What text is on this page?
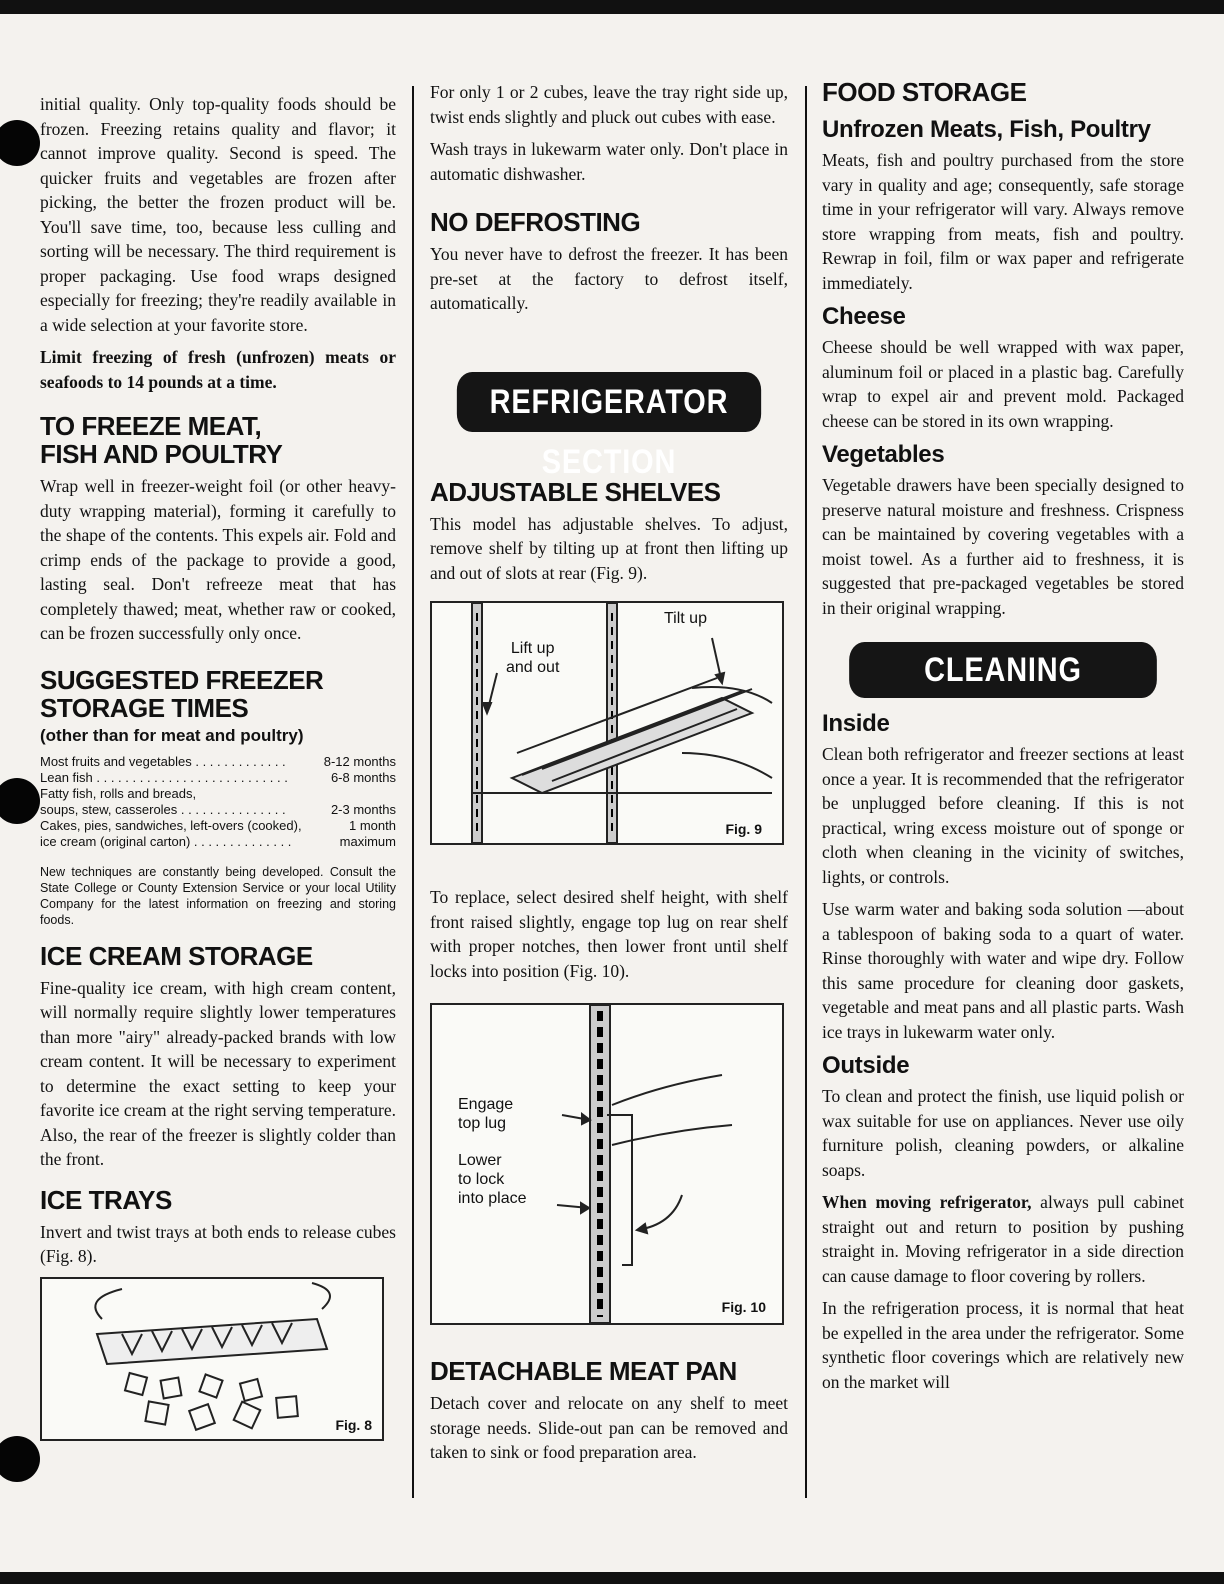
initial quality. Only top-quality foods should be frozen. Freezing retains quality and flavor; it cannot improve quality. Second is speed. The quicker fruits and vegetables are frozen after picking, the better the frozen product will be. You'll save time, too, because less culling and sorting will be necessary. The third requirement is proper packaging. Use food wraps designed especially for freezing; they're readily available in a wide selection at your favorite store.

Limit freezing of fresh (unfrozen) meats or seafoods to 14 pounds at a time.

TO FREEZE MEAT,
FISH AND POULTRY

Wrap well in freezer-weight foil (or other heavy-duty wrapping material), forming it carefully to the shape of the contents. This expels air. Fold and crimp ends of the package to provide a good, lasting seal. Don't refreeze meat that has completely thawed; meat, whether raw or cooked, can be frozen successfully only once.

SUGGESTED FREEZER
STORAGE TIMES
(other than for meat and poultry)
Most fruits and vegetables . . . . . . . . . . . . .	8-12 months
Lean fish . . . . . . . . . . . . . . . . . . . . . . . . . . .	6-8 months
Fatty fish, rolls and breads,	
soups, stew, casseroles . . . . . . . . . . . . . . .	2-3 months
Cakes, pies, sandwiches, left-overs (cooked),	1 month
ice cream (original carton) . . . . . . . . . . . . . .	maximum
New techniques are constantly being developed. Consult the State College or County Extension Service or your local Utility Company for the latest information on freezing and storing foods.
ICE CREAM STORAGE

Fine-quality ice cream, with high cream content, will normally require slightly lower temperatures than more "airy" already-packed brands with low cream content. It will be necessary to experiment to determine the exact setting to keep your favorite ice cream at the right serving temperature. Also, the rear of the freezer is slightly colder than the front.

ICE TRAYS

Invert and twist trays at both ends to release cubes (Fig. 8).

Fig. 8

For only 1 or 2 cubes, leave the tray right side up, twist ends slightly and pluck out cubes with ease.

Wash trays in lukewarm water only. Don't place in automatic dishwasher.

NO DEFROSTING

You never have to defrost the freezer. It has been pre-set at the factory to defrost itself, automatically.

REFRIGERATOR SECTION
ADJUSTABLE SHELVES

This model has adjustable shelves. To adjust, remove shelf by tilting up at front then lifting up and out of slots at rear (Fig. 9).

Tilt up
Lift up
and out
Fig. 9

To replace, select desired shelf height, with shelf front raised slightly, engage top lug on rear shelf with proper notches, then lower front until shelf locks into position (Fig. 10).

Engage
top lug
Lower
to lock
into place
Fig. 10
DETACHABLE MEAT PAN

Detach cover and relocate on any shelf to meet storage needs. Slide-out pan can be removed and taken to sink or food preparation area.

FOOD STORAGE
Unfrozen Meats, Fish, Poultry

Meats, fish and poultry purchased from the store vary in quality and age; consequently, safe storage time in your refrigerator will vary. Always remove store wrapping from meats, fish and poultry. Rewrap in foil, film or wax paper and refrigerate immediately.

Cheese

Cheese should be well wrapped with wax paper, aluminum foil or placed in a plastic bag. Carefully wrap to expel air and prevent mold. Packaged cheese can be stored in its own wrapping.

Vegetables

Vegetable drawers have been specially designed to preserve natural moisture and freshness. Crispness can be maintained by covering vegetables with a moist towel. As a further aid to freshness, it is suggested that pre-packaged vegetables be stored in their original wrapping.

CLEANING
Inside

Clean both refrigerator and freezer sections at least once a year. It is recommended that the refrigerator be unplugged before cleaning. If this is not practical, wring excess moisture out of sponge or cloth when cleaning in the vicinity of switches, lights, or controls.

Use warm water and baking soda solution —about a tablespoon of baking soda to a quart of water. Rinse thoroughly with water and wipe dry. Follow this same procedure for cleaning door gaskets, vegetable and meat pans and all plastic parts. Wash ice trays in lukewarm water only.

Outside

To clean and protect the finish, use liquid polish or wax suitable for use on appliances. Never use oily furniture polish, cleaning powders, or alkaline soaps.

When moving refrigerator, always pull cabinet straight out and return to position by pushing straight in. Moving refrigerator in a side direction can cause damage to floor covering by rollers.

In the refrigeration process, it is normal that heat be expelled in the area under the refrigerator. Some synthetic floor coverings which are relatively new on the market will
